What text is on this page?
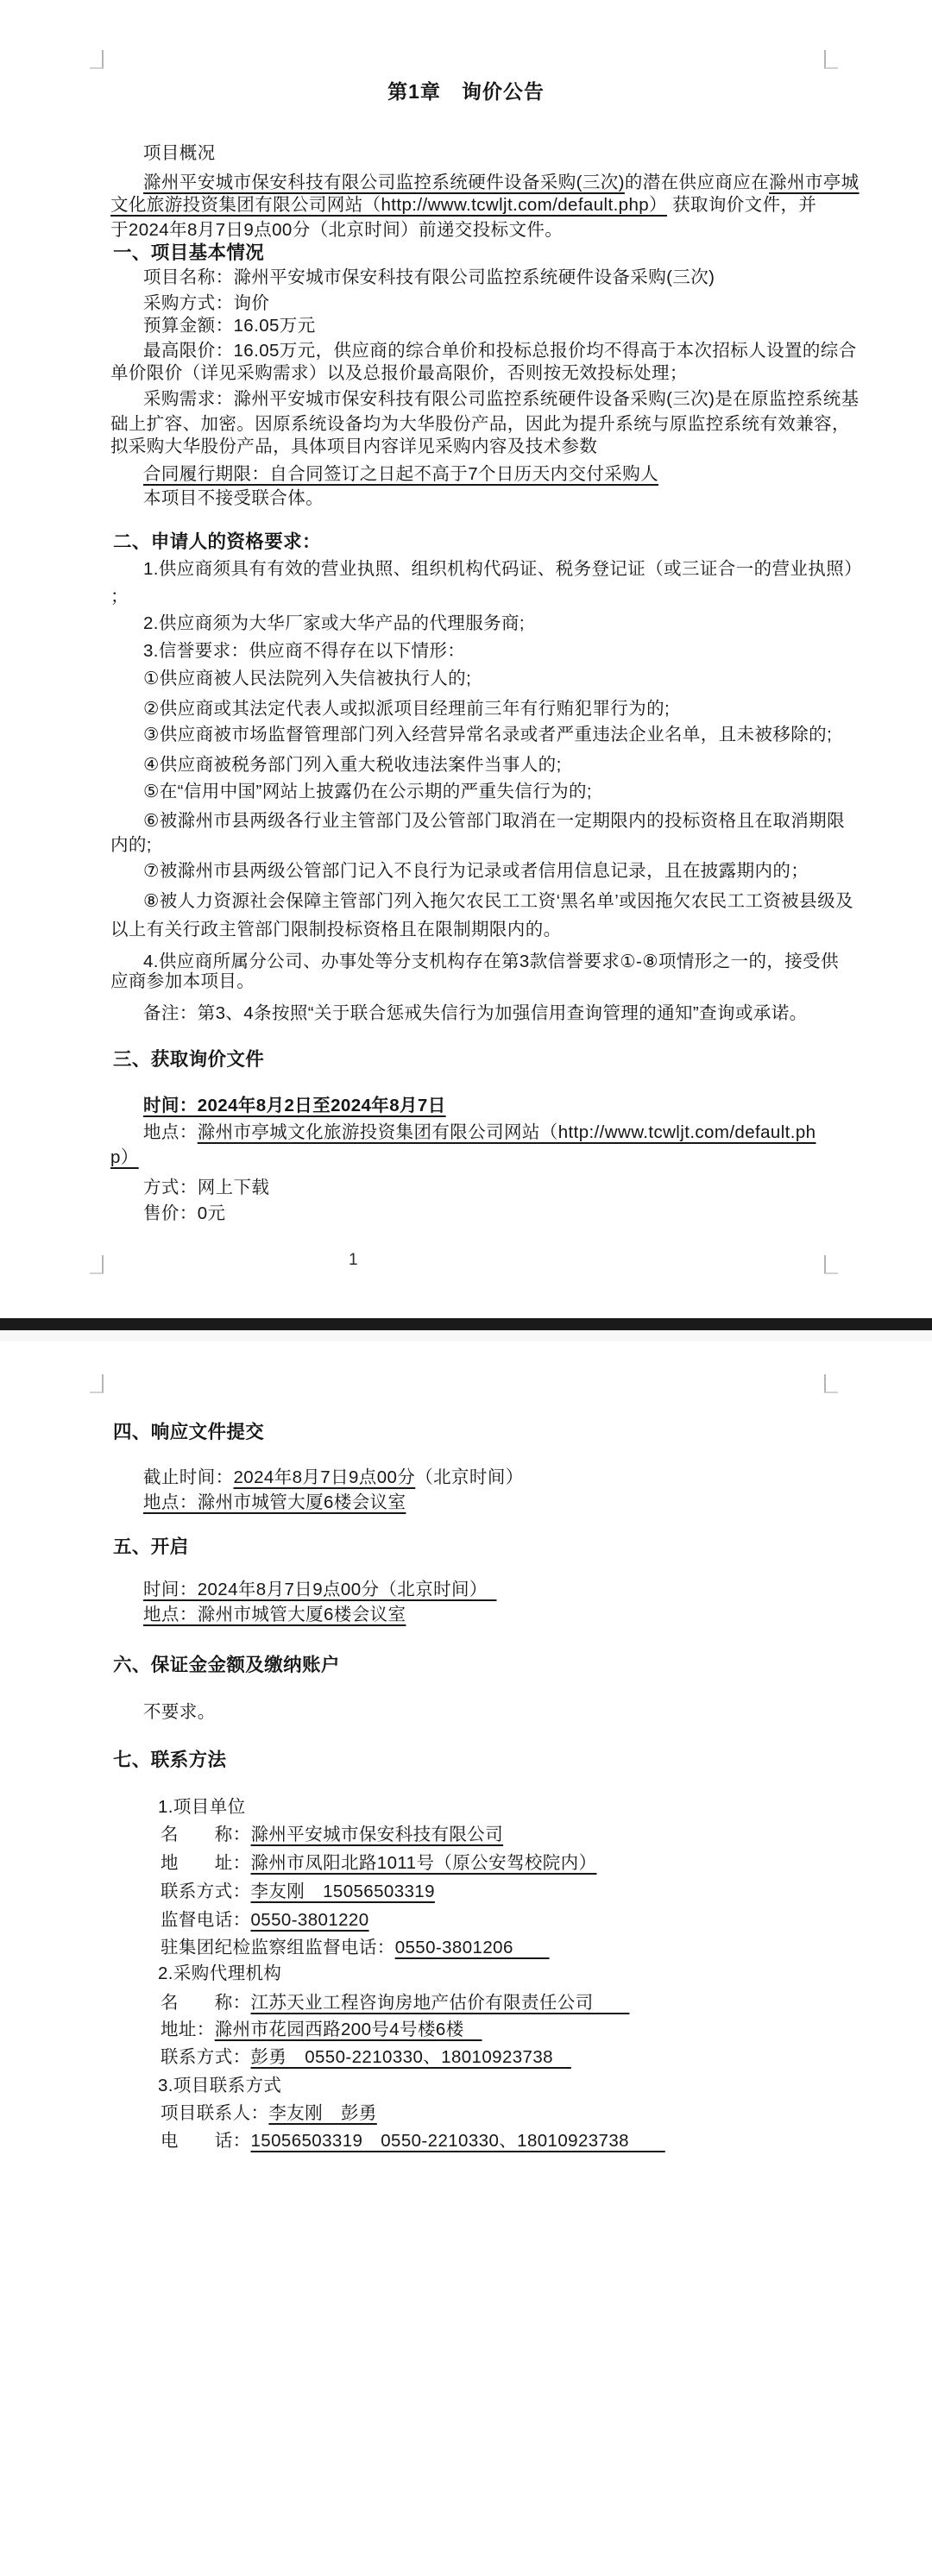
第1章　询价公告
项目概况
滁州平安城市保安科技有限公司监控系统硬件设备采购(三次)的潜在供应商应在滁州市亭城
文化旅游投资集团有限公司网站（http://www.tcwljt.com/default.php） 获取询价文件，并
于2024年8月7日9点00分（北京时间）前递交投标文件。
一、项目基本情况
项目名称：滁州平安城市保安科技有限公司监控系统硬件设备采购(三次)
采购方式：询价
预算金额：16.05万元
最高限价：16.05万元，供应商的综合单价和投标总报价均不得高于本次招标人设置的综合
单价限价（详见采购需求）以及总报价最高限价，否则按无效投标处理；
采购需求：滁州平安城市保安科技有限公司监控系统硬件设备采购(三次)是在原监控系统基
础上扩容、加密。因原系统设备均为大华股份产品，因此为提升系统与原监控系统有效兼容，
拟采购大华股份产品，具体项目内容详见采购内容及技术参数
合同履行期限：自合同签订之日起不高于7个日历天内交付采购人
本项目不接受联合体。
二、申请人的资格要求：
1.供应商须具有有效的营业执照、组织机构代码证、税务登记证（或三证合一的营业执照）
；
2.供应商须为大华厂家或大华产品的代理服务商;
3.信誉要求：供应商不得存在以下情形：
①供应商被人民法院列入失信被执行人的;
②供应商或其法定代表人或拟派项目经理前三年有行贿犯罪行为的;
③供应商被市场监督管理部门列入经营异常名录或者严重违法企业名单，且未被移除的;
④供应商被税务部门列入重大税收违法案件当事人的;
⑤在“信用中国”网站上披露仍在公示期的严重失信行为的;
⑥被滁州市县两级各行业主管部门及公管部门取消在一定期限内的投标资格且在取消期限
内的;
⑦被滁州市县两级公管部门记入不良行为记录或者信用信息记录，且在披露期内的；
⑧被人力资源社会保障主管部门列入拖欠农民工工资‘黑名单’或因拖欠农民工工资被县级及
以上有关行政主管部门限制投标资格且在限制期限内的。
4.供应商所属分公司、办事处等分支机构存在第3款信誉要求①-⑧项情形之一的，接受供
应商参加本项目。
备注：第3、4条按照“关于联合惩戒失信行为加强信用查询管理的通知”查询或承诺。
三、获取询价文件
时间：2024年8月2日至2024年8月7日
地点：滁州市亭城文化旅游投资集团有限公司网站（http://www.tcwljt.com/default.ph
p）
方式：网上下载
售价：0元
四、响应文件提交
截止时间：2024年8月7日9点00分（北京时间）
地点：滁州市城管大厦6楼会议室
五、开启
时间：2024年8月7日9点00分（北京时间）　
地点：滁州市城管大厦6楼会议室
六、保证金金额及缴纳账户
不要求。
七、联系方法
1.项目单位
名　　称：滁州平安城市保安科技有限公司
地　　址：滁州市凤阳北路1011号（原公安驾校院内）
联系方式：李友刚　15056503319
监督电话：0550-3801220
驻集团纪检监察组监督电话：0550-3801206　　
2.采购代理机构
名　　称：江苏天业工程咨询房地产估价有限责任公司　　
地址：滁州市花园西路200号4号楼6楼　
联系方式：彭勇　0550-2210330、18010923738　
3.项目联系方式
项目联系人：李友刚　彭勇
电　　话：15056503319　0550-2210330、18010923738　　
1
